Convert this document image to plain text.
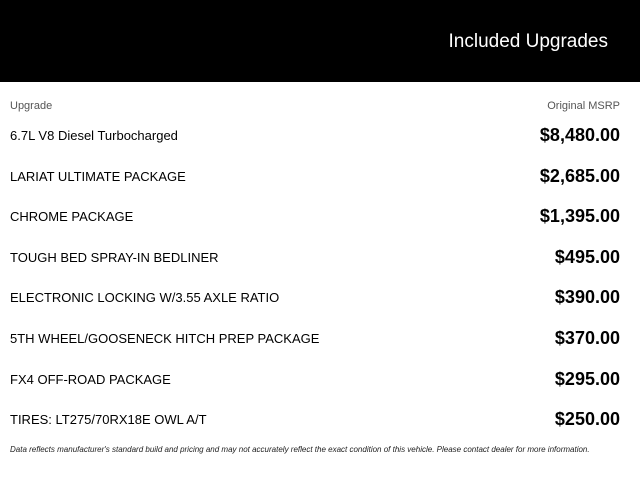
Included Upgrades
Upgrade	Original MSRP
6.7L V8 Diesel Turbocharged	$8,480.00
LARIAT ULTIMATE PACKAGE	$2,685.00
CHROME PACKAGE	$1,395.00
TOUGH BED SPRAY-IN BEDLINER	$495.00
ELECTRONIC LOCKING W/3.55 AXLE RATIO	$390.00
5TH WHEEL/GOOSENECK HITCH PREP PACKAGE	$370.00
FX4 OFF-ROAD PACKAGE	$295.00
TIRES: LT275/70RX18E OWL A/T	$250.00
Data reflects manufacturer's standard build and pricing and may not accurately reflect the exact condition of this vehicle. Please contact dealer for more information.
